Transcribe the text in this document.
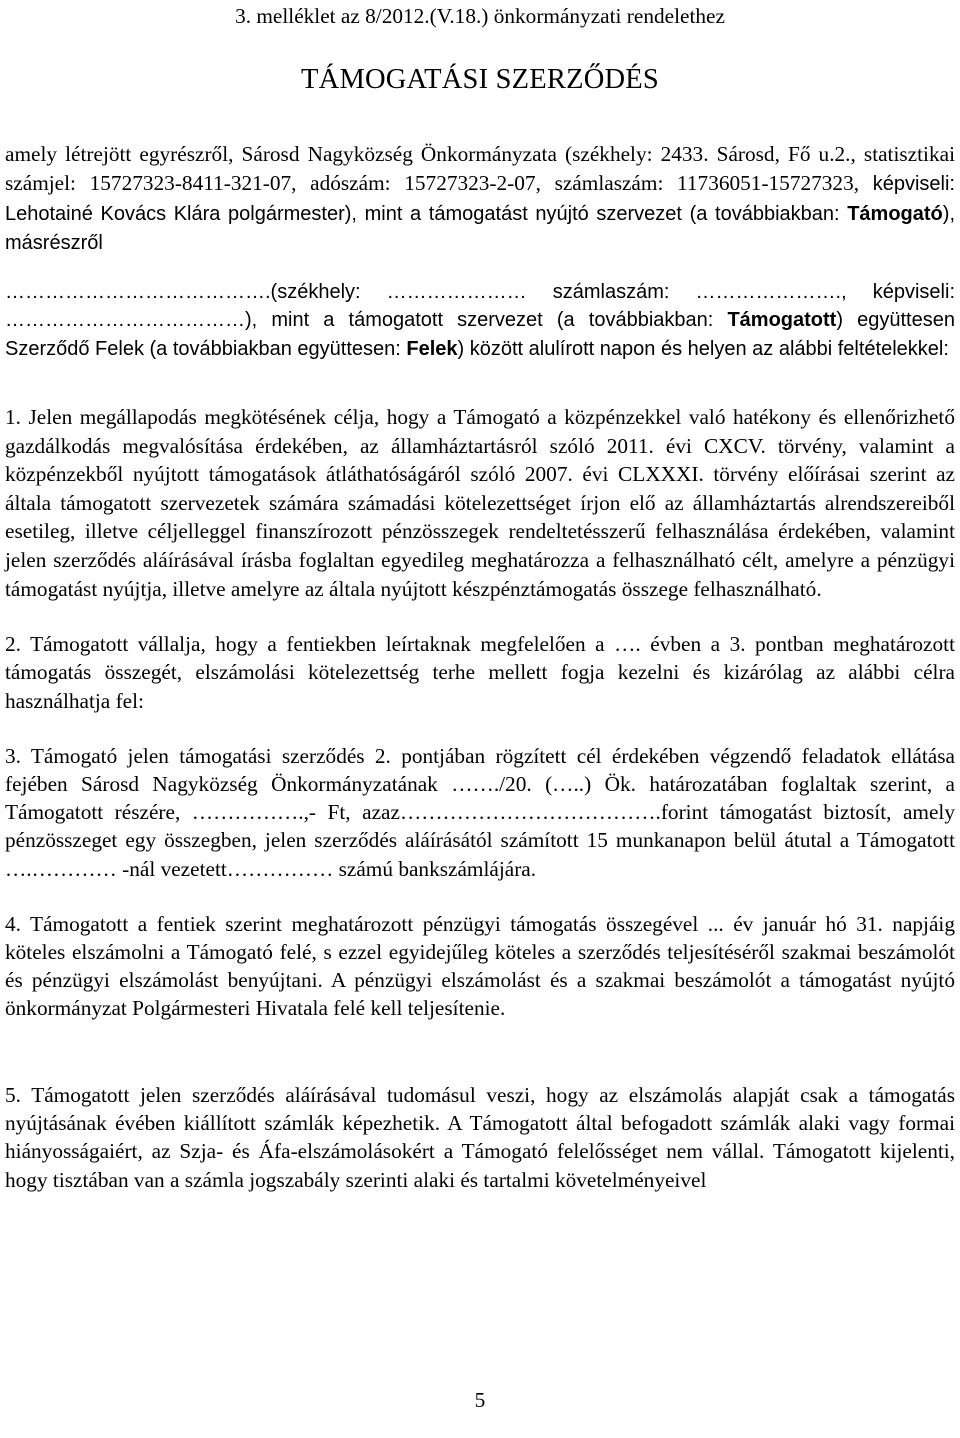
3. melléklet az 8/2012.(V.18.) önkormányzati rendelethez
TÁMOGATÁSI SZERZŐDÉS

amely létrejött egyrészről, Sárosd Nagyközség Önkormányzata (székhely: 2433. Sárosd, Fő u.2., statisztikai számjel: 15727323-8411-321-07, adószám: 15727323-2-07, számlaszám: 11736051-15727323, képviseli: Lehotainé Kovács Klára polgármester), mint a támogatást nyújtó szervezet (a továbbiakban: Támogató), másrészről

………………………………….(székhely: ………………… számlaszám: …………………., képviseli: ………………………………), mint a támogatott szervezet (a továbbiakban: Támogatott) együttesen Szerződő Felek (a továbbiakban együttesen: Felek) között alulírott napon és helyen az alábbi feltételekkel:

1. Jelen megállapodás megkötésének célja, hogy a Támogató a közpénzekkel való hatékony és ellenőrizhető gazdálkodás megvalósítása érdekében, az államháztartásról szóló 2011. évi CXCV. törvény, valamint a közpénzekből nyújtott támogatások átláthatóságáról szóló 2007. évi CLXXXI. törvény előírásai szerint az általa támogatott szervezetek számára számadási kötelezettséget írjon elő az államháztartás alrendszereiből esetileg, illetve céljelleggel finanszírozott pénzösszegek rendeltetésszerű felhasználása érdekében, valamint jelen szerződés aláírásával írásba foglaltan egyedileg meghatározza a felhasználható célt, amelyre a pénzügyi támogatást nyújtja, illetve amelyre az általa nyújtott készpénztámogatás összege felhasználható.

2. Támogatott vállalja, hogy a fentiekben leírtaknak megfelelően a …. évben a 3. pontban meghatározott támogatás összegét, elszámolási kötelezettség terhe mellett fogja kezelni és kizárólag az alábbi célra használhatja fel:

3. Támogató jelen támogatási szerződés 2. pontjában rögzített cél érdekében végzendő feladatok ellátása fejében Sárosd Nagyközség Önkormányzatának ……./20. (…..) Ök. határozatában foglaltak szerint, a Támogatott részére, …………….,- Ft, azaz……………………………….forint támogatást biztosít, amely pénzösszeget egy összegben, jelen szerződés aláírásától számított 15 munkanapon belül átutal a Támogatott ….………… -nál vezetett…………… számú bankszámlájára.

4. Támogatott a fentiek szerint meghatározott pénzügyi támogatás összegével ... év január hó 31. napjáig köteles elszámolni a Támogató felé, s ezzel egyidejűleg köteles a szerződés teljesítéséről szakmai beszámolót és pénzügyi elszámolást benyújtani. A pénzügyi elszámolást és a szakmai beszámolót a támogatást nyújtó önkormányzat Polgármesteri Hivatala felé kell teljesítenie.

5. Támogatott jelen szerződés aláírásával tudomásul veszi, hogy az elszámolás alapját csak a támogatás nyújtásának évében kiállított számlák képezhetik. A Támogatott által befogadott számlák alaki vagy formai hiányosságaiért, az Szja- és Áfa-elszámolásokért a Támogató felelősséget nem vállal. Támogatott kijelenti, hogy tisztában van a számla jogszabály szerinti alaki és tartalmi követelményeivel

5
